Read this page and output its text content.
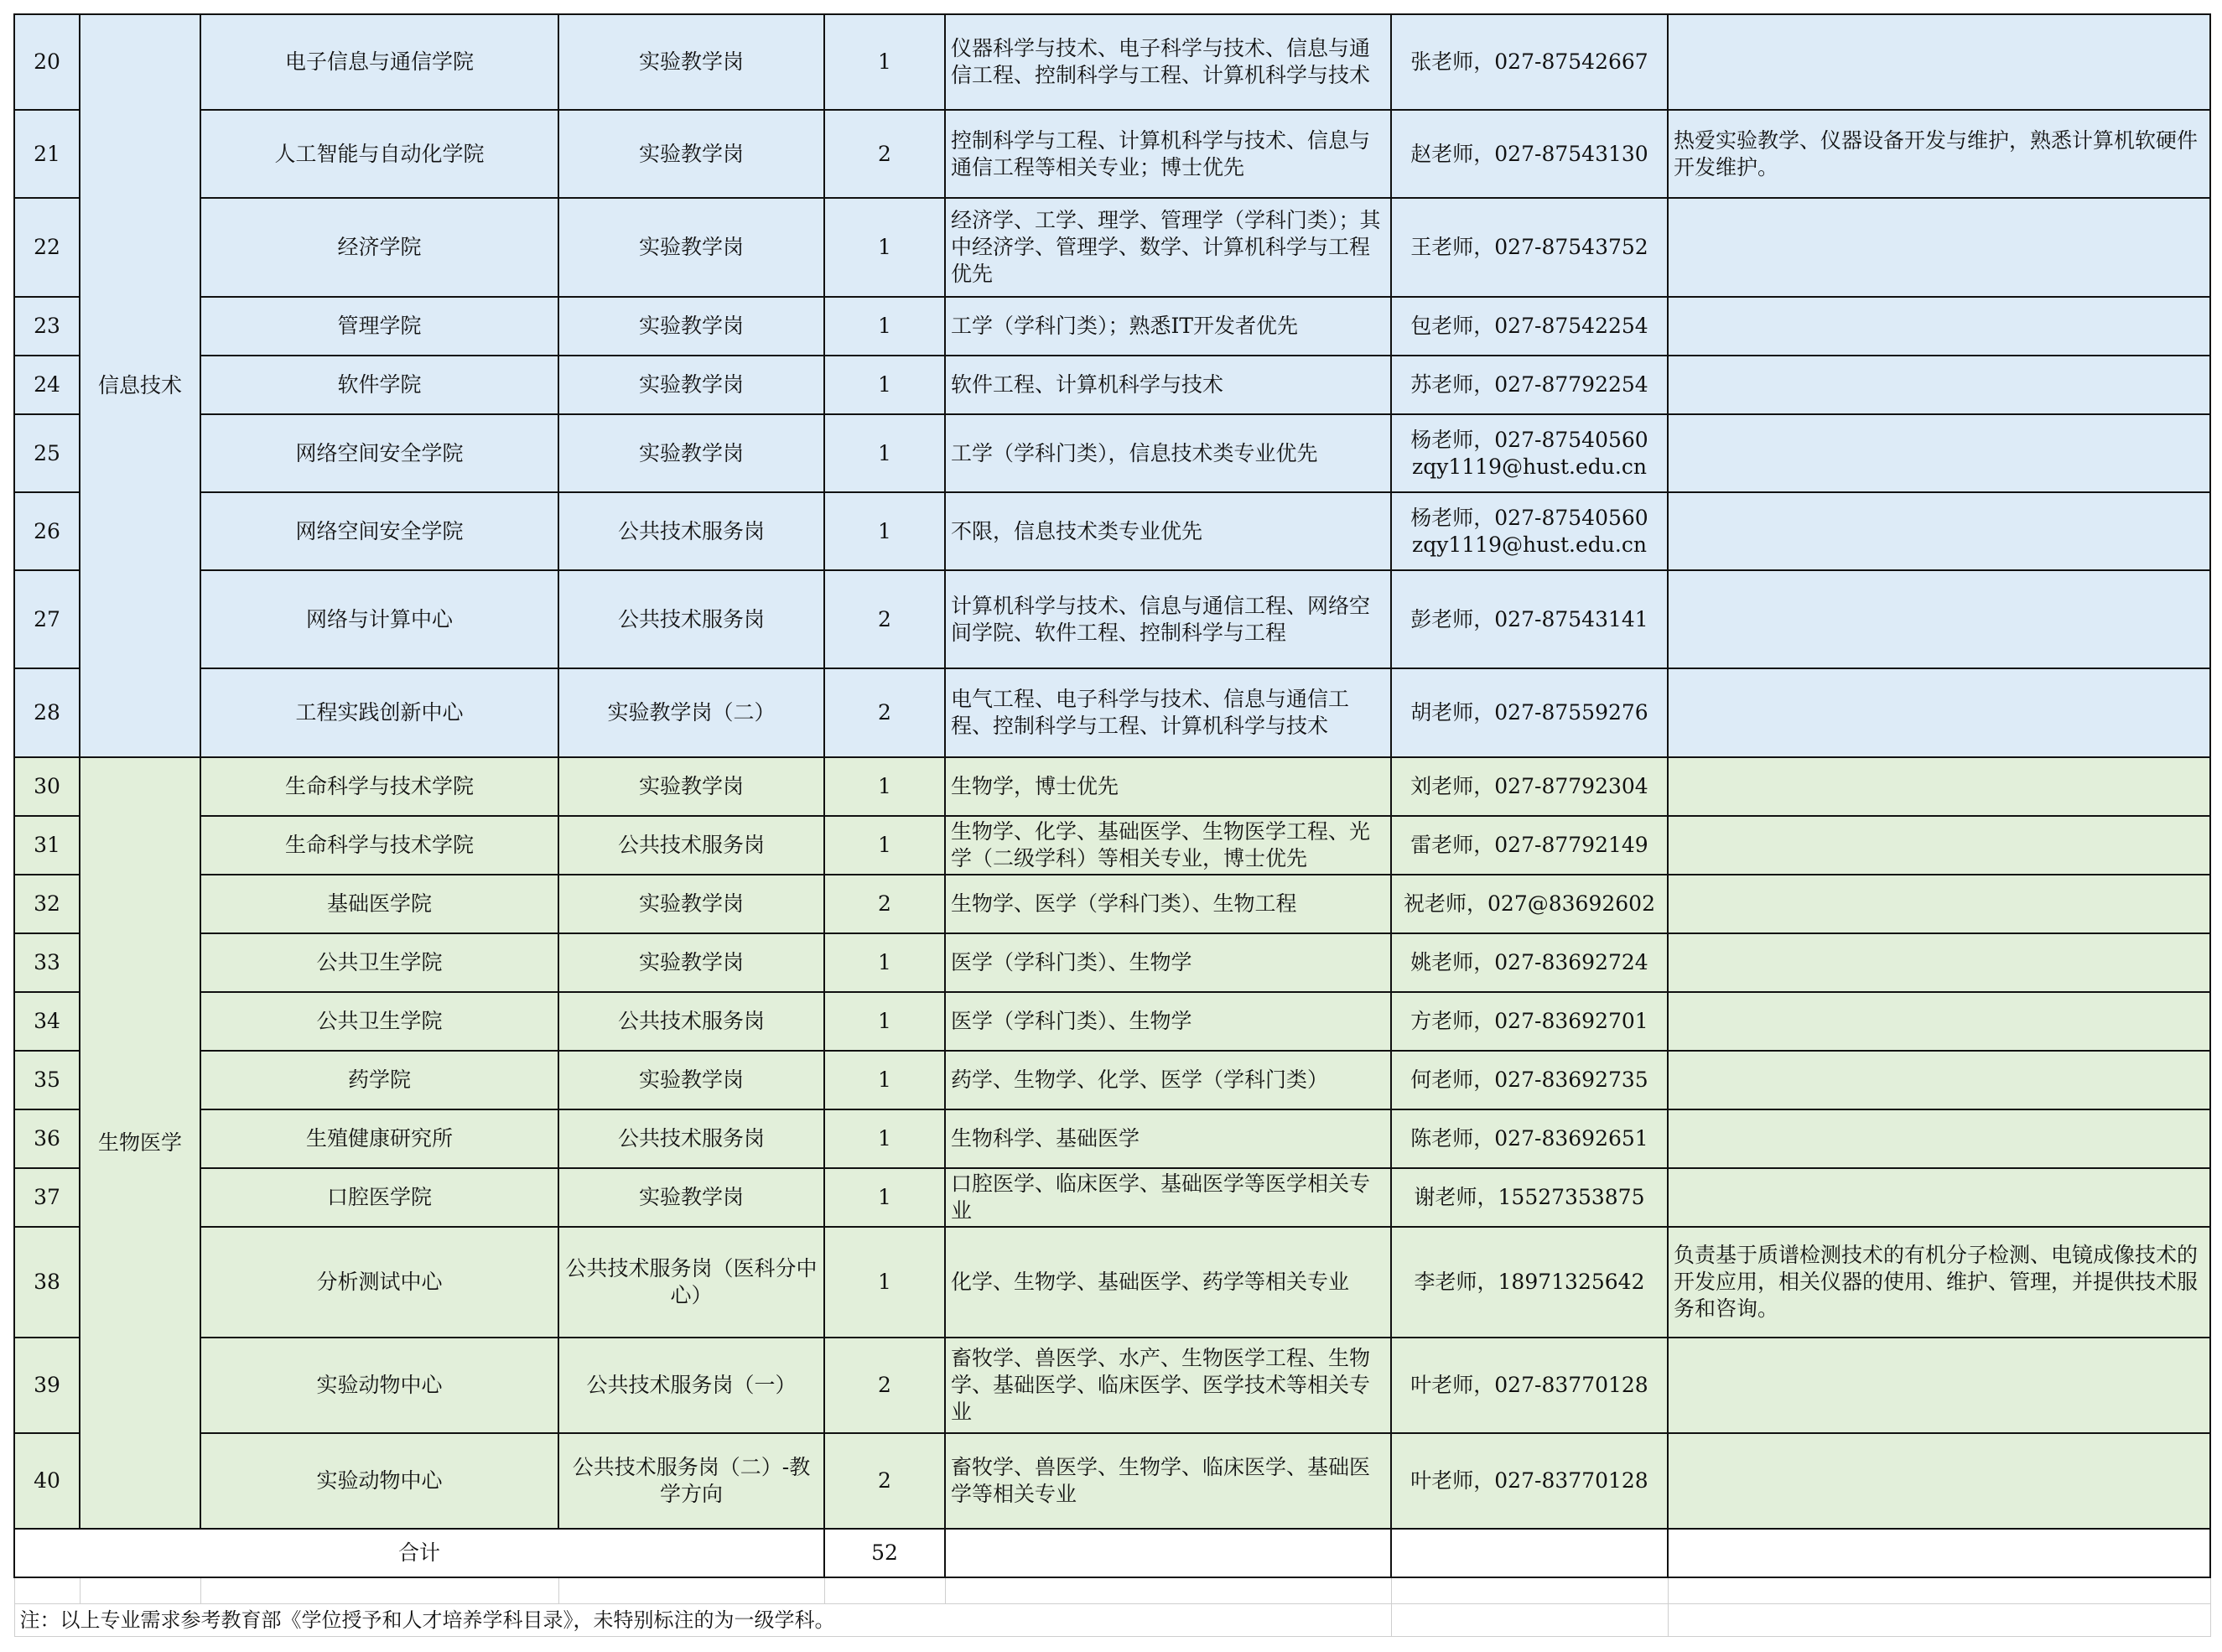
20	信息技术	电子信息与通信学院	实验教学岗	1	仪器科学与技术、电子科学与技术、信息与通信工程、控制科学与工程、计算机科学与技术	张老师，027-87542667	

21		人工智能与自动化学院	实验教学岗	2	控制科学与工程、计算机科学与技术、信息与通信工程等相关专业；博士优先	赵老师，027-87543130	热爱实验教学、仪器设备开发与维护，熟悉计算机软硬件开发维护。
22		经济学院	实验教学岗	1	经济学、工学、理学、管理学（学科门类）；其中经济学、管理学、数学、计算机科学与工程优先	王老师，027-87543752	

23		管理学院	实验教学岗	1	工学（学科门类）；熟悉IT开发者优先	包老师，027-87542254	

24		软件学院	实验教学岗	1	软件工程、计算机科学与技术	苏老师，027-87792254	

25		网络空间安全学院	实验教学岗	1	工学（学科门类），信息技术类专业优先	杨老师，027-87540560
zqy1119@hust.edu.cn	

26		网络空间安全学院	公共技术服务岗	1	不限，信息技术类专业优先	杨老师，027-87540560
zqy1119@hust.edu.cn	

27		网络与计算中心	公共技术服务岗	2	计算机科学与技术、信息与通信工程、网络空间学院、软件工程、控制科学与工程	彭老师，027-87543141	

28		工程实践创新中心	实验教学岗（二）	2	电气工程、电子科学与技术、信息与通信工程、控制科学与工程、计算机科学与技术	胡老师，027-87559276	

30	生物医学	生命科学与技术学院	实验教学岗	1	生物学，博士优先	刘老师，027-87792304	

31		生命科学与技术学院	公共技术服务岗	1	生物学、化学、基础医学、生物医学工程、光学（二级学科）等相关专业，博士优先	雷老师，027-87792149	

32		基础医学院	实验教学岗	2	生物学、医学（学科门类）、生物工程	祝老师，027@83692602	

33		公共卫生学院	实验教学岗	1	医学（学科门类）、生物学	姚老师，027-83692724	

34		公共卫生学院	公共技术服务岗	1	医学（学科门类）、生物学	方老师，027-83692701	

35		药学院	实验教学岗	1	药学、生物学、化学、医学（学科门类）	何老师，027-83692735	

36		生殖健康研究所	公共技术服务岗	1	生物科学、基础医学	陈老师，027-83692651	

37		口腔医学院	实验教学岗	1	口腔医学、临床医学、基础医学等医学相关专业	谢老师，15527353875	

38		分析测试中心	公共技术服务岗（医科分中心）	1	化学、生物学、基础医学、药学等相关专业	李老师，18971325642	负责基于质谱检测技术的有机分子检测、电镜成像技术的开发应用，相关仪器的使用、维护、管理，并提供技术服务和咨询。
39		实验动物中心	公共技术服务岗（一）	2	畜牧学、兽医学、水产、生物医学工程、生物学、基础医学、临床医学、医学技术等相关专业	叶老师，027-83770128	

40		实验动物中心	公共技术服务岗（二）-教学方向	2	畜牧学、兽医学、生物学、临床医学、基础医学等相关专业	叶老师，027-83770128	

合计				52			

注：以上专业需求参考教育部《学位授予和人才培养学科目录》，未特别标注的为一级学科。							
